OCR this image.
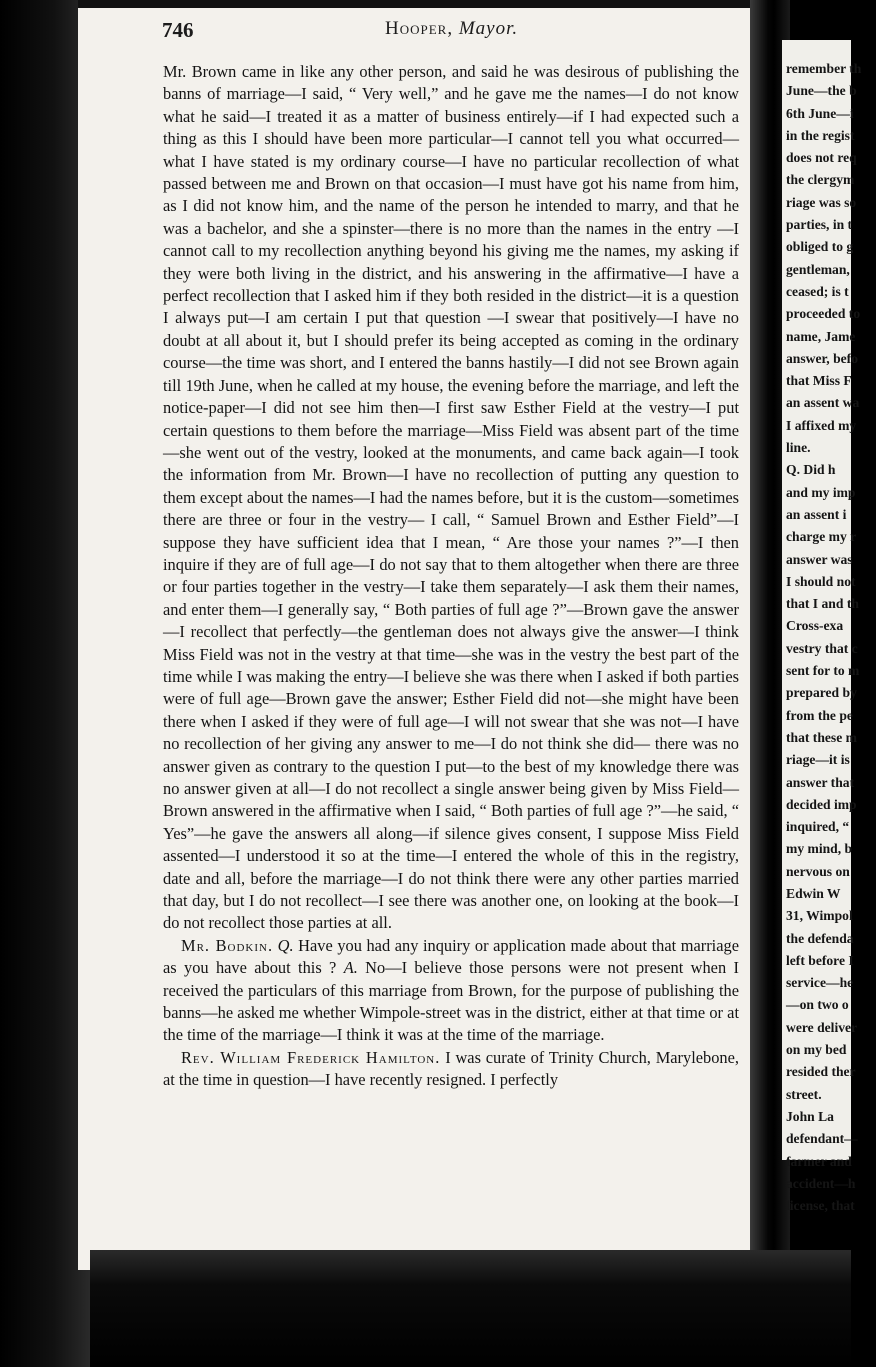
746	Hooper, Mayor.

Mr. Brown came in like any other person, and said he was desirous of publishing the banns of marriage—I said, “ Very well,” and he gave me the names—I do not know what he said—I treated it as a matter of business entirely—if I had expected such a thing as this I should have been more particular—I cannot tell you what occurred—what I have stated is my ordinary course—I have no particular recollection of what passed between me and Brown on that occasion—I must have got his name from him, as I did not know him, and the name of the person he intended to marry, and that he was a bachelor, and she a spinster—there is no more than the names in the entry —I cannot call to my recollection anything beyond his giving me the names, my asking if they were both living in the district, and his answering in the affirmative—I have a perfect recollection that I asked him if they both resided in the district—it is a question I always put—I am certain I put that question —I swear that positively—I have no doubt at all about it, but I should prefer its being accepted as coming in the ordinary course—the time was short, and I entered the banns hastily—I did not see Brown again till 19th June, when he called at my house, the evening before the marriage, and left the notice-paper—I did not see him then—I first saw Esther Field at the vestry—I put certain questions to them before the marriage—Miss Field was absent part of the time—she went out of the vestry, looked at the monuments, and came back again—I took the information from Mr. Brown—I have no recollection of putting any question to them except about the names—I had the names before, but it is the custom—sometimes there are three or four in the vestry— I call, “ Samuel Brown and Esther Field”—I suppose they have sufficient idea that I mean, “ Are those your names ?”—I then inquire if they are of full age—I do not say that to them altogether when there are three or four parties together in the vestry—I take them separately—I ask them their names, and enter them—I generally say, “ Both parties of full age ?”—Brown gave the answer—I recollect that perfectly—the gentleman does not always give the answer—I think Miss Field was not in the vestry at that time—she was in the vestry the best part of the time while I was making the entry—I believe she was there when I asked if both parties were of full age—Brown gave the answer; Esther Field did not—she might have been there when I asked if they were of full age—I will not swear that she was not—I have no recollection of her giving any answer to me—I do not think she did— there was no answer given as contrary to the question I put—to the best of my knowledge there was no answer given at all—I do not recollect a single answer being given by Miss Field—Brown answered in the affirmative when I said, “ Both parties of full age ?”—he said, “ Yes”—he gave the answers all along—if silence gives consent, I suppose Miss Field assented—I understood it so at the time—I entered the whole of this in the registry, date and all, before the marriage—I do not think there were any other parties married that day, but I do not recollect—I see there was another one, on looking at the book—I do not recollect those parties at all.

Mr. Bodkin. Q. Have you had any inquiry or application made about that marriage as you have about this ? A. No—I believe those persons were not present when I received the particulars of this marriage from Brown, for the purpose of publishing the banns—he asked me whether Wimpole-street was in the district, either at that time or at the time of the marriage—I think it was at the time of the marriage.

Rev. William Frederick Hamilton. I was curate of Trinity Church, Marylebone, at the time in question—I have recently resigned. I perfectly

remember th
June—the b
6th June—i
in the regist
does not req
the clergym
riage was so
parties, in t
obliged to g
gentleman,
ceased; is t
proceeded to
name, Jame
answer, befo
that Miss F
an assent wa
I affixed my
line.
Q. Did h
and my imp
an assent i
charge my r
answer was
I should not
that I and th
Cross-exa
vestry that c
sent for to m
prepared by
from the pe
that these m
riage—it is
answer that
decided imp
inquired, “
my mind, b
nervous on
Edwin W
31, Wimpol
the defenda
left before I
service—he
—on two o
were deliver
on my bed
resided ther
street.
John La
defendant—
farmer and
accident—h
license, that
